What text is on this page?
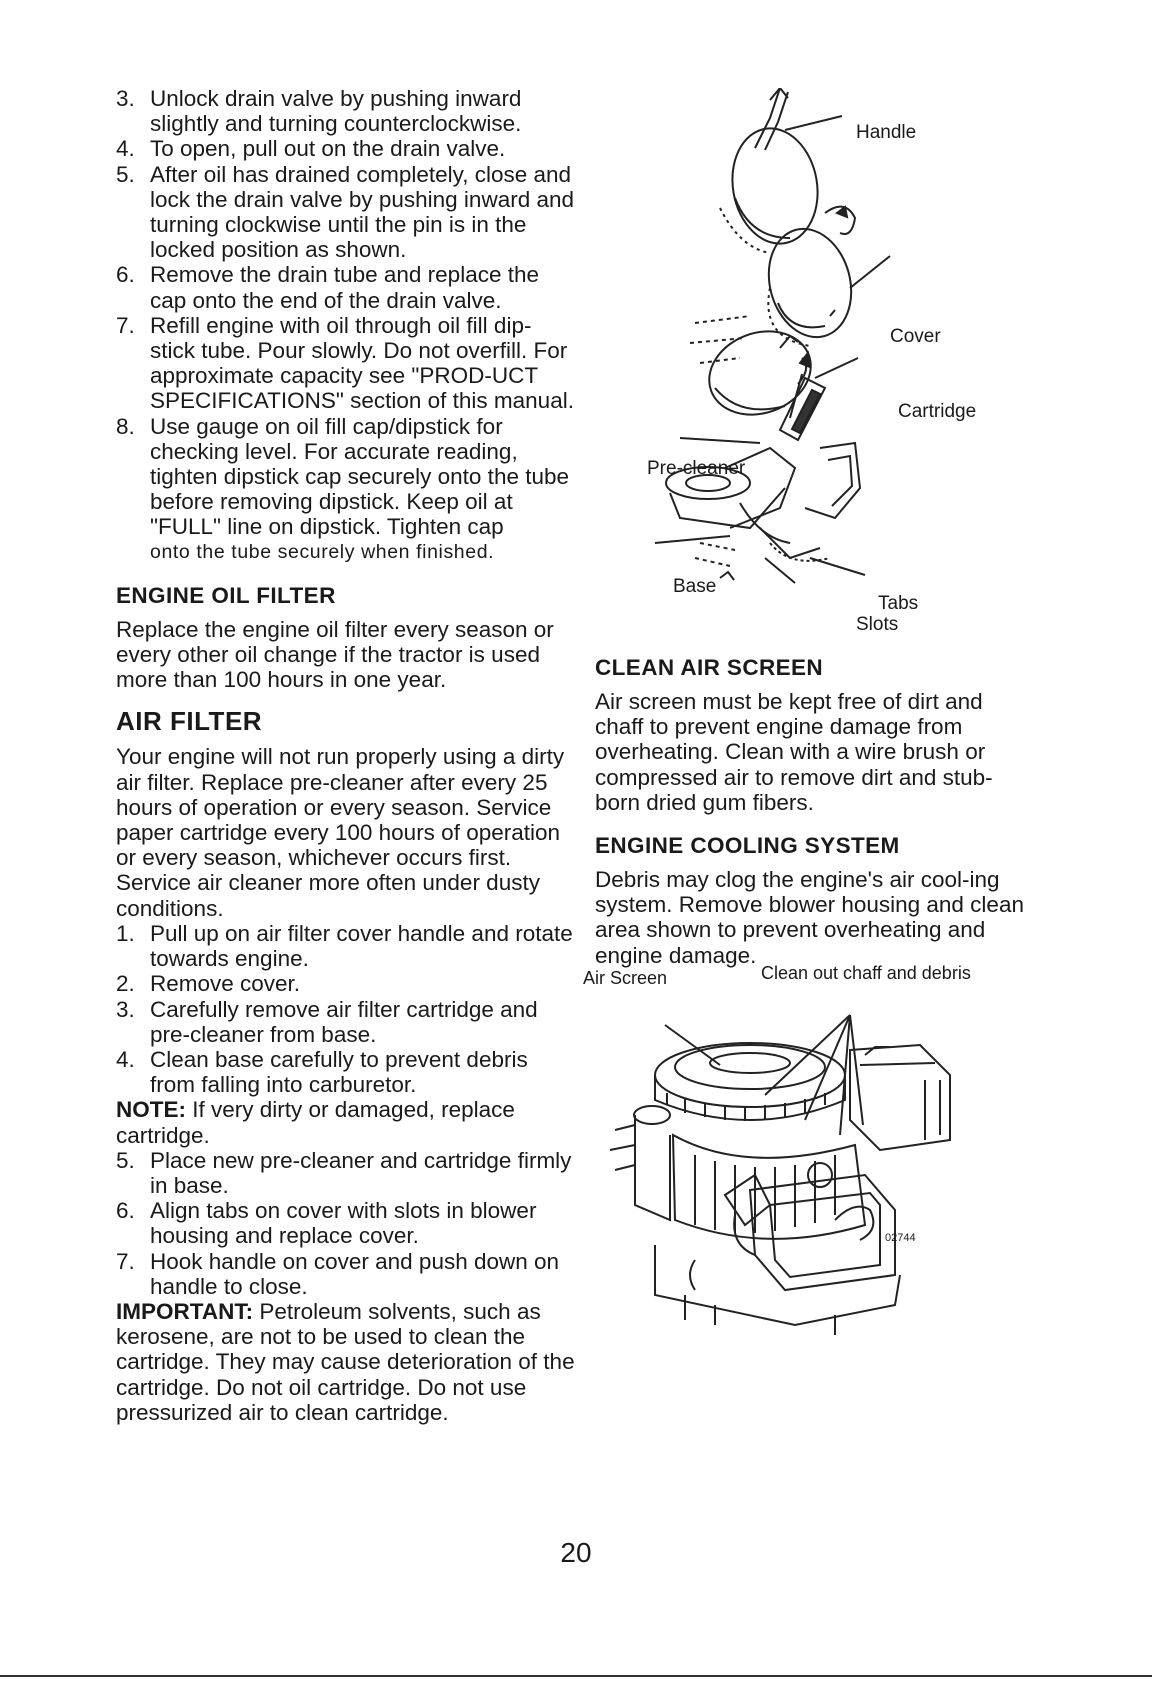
3. Unlock drain valve by pushing inward slightly and turning counterclockwise.

4. To open, pull out on the drain valve.

5. After oil has drained completely, close and lock the drain valve by pushing inward and turning clockwise until the pin is in the locked position as shown.

6. Remove the drain tube and replace the cap onto the end of the drain valve.

7. Refill engine with oil through oil fill dip-stick tube. Pour slowly. Do not overfill. For approximate capacity see "PROD-UCT SPECIFICATIONS" section of this manual.

8. Use gauge on oil fill cap/dipstick for checking level. For accurate reading, tighten dipstick cap securely onto the tube before removing dipstick. Keep oil at "FULL" line on dipstick. Tighten cap
onto the tube securely when finished.

ENGINE OIL FILTER

Replace the engine oil filter every season or every other oil change if the tractor is used more than 100 hours in one year.

AIR FILTER

Your engine will not run properly using a dirty air filter. Replace pre-cleaner after every 25 hours of operation or every season. Service paper cartridge every 100 hours of operation or every season, whichever occurs first.

Service air cleaner more often under dusty conditions.

1. Pull up on air filter cover handle and rotate towards engine.

2. Remove cover.

3. Carefully remove air filter cartridge and pre-cleaner from base.

4. Clean base carefully to prevent debris from falling into carburetor.

NOTE: If very dirty or damaged, replace cartridge.

5. Place new pre-cleaner and cartridge firmly in base.

6. Align tabs on cover with slots in blower housing and replace cover.

7. Hook handle on cover and push down on handle to close.

IMPORTANT: Petroleum solvents, such as kerosene, are not to be used to clean the cartridge. They may cause deterioration of the cartridge. Do not oil cartridge. Do not use pressurized air to clean cartridge.

Handle
Cover
Cartridge
Pre-cleaner
Base
Tabs
Slots
CLEAN AIR SCREEN

Air screen must be kept free of dirt and chaff to prevent engine damage from overheating. Clean with a wire brush or compressed air to remove dirt and stub-born dried gum fibers.

ENGINE COOLING SYSTEM

Debris may clog the engine's air cool-ing system. Remove blower housing and clean area shown to prevent overheating and engine damage.

02744
Air Screen	Clean out chaff and debris
20
